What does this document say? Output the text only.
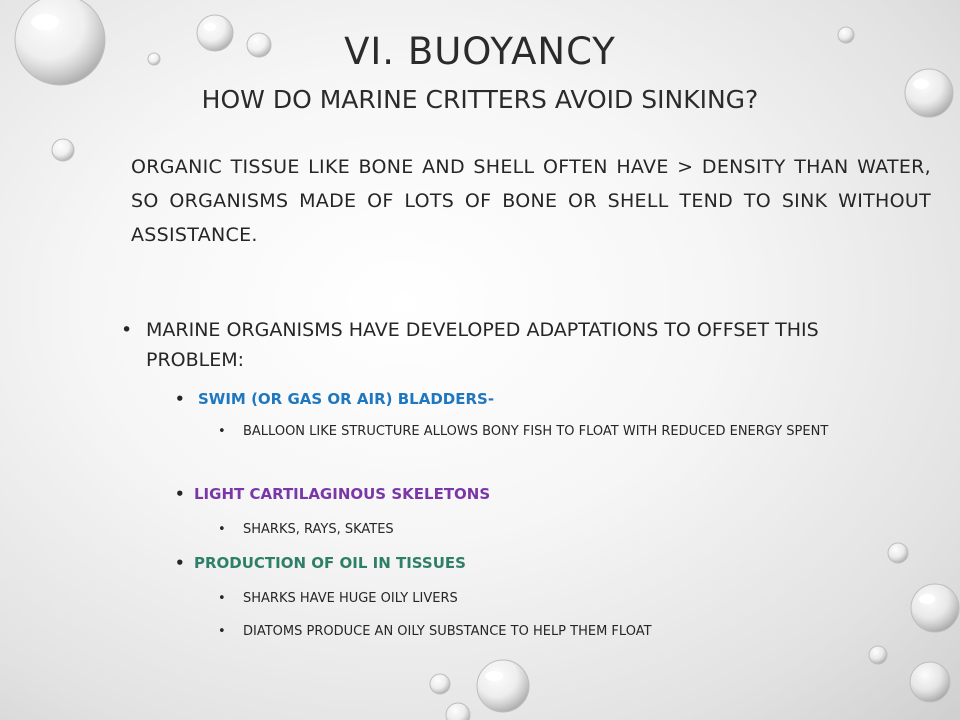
VI. BUOYANCY
HOW DO MARINE CRITTERS AVOID SINKING?
ORGANIC TISSUE LIKE BONE AND SHELL OFTEN HAVE > DENSITY THAN WATER, SO ORGANISMS MADE OF LOTS OF BONE OR SHELL TEND TO SINK WITHOUT ASSISTANCE.
• MARINE ORGANISMS HAVE DEVELOPED ADAPTATIONS TO OFFSET THIS PROBLEM:
• SWIM (OR GAS OR AIR) BLADDERS-
• BALLOON LIKE STRUCTURE ALLOWS BONY FISH TO FLOAT WITH REDUCED ENERGY SPENT
• LIGHT CARTILAGINOUS SKELETONS
• SHARKS, RAYS, SKATES
• PRODUCTION OF OIL IN TISSUES
• SHARKS HAVE HUGE OILY LIVERS
• DIATOMS PRODUCE AN OILY SUBSTANCE TO HELP THEM FLOAT
